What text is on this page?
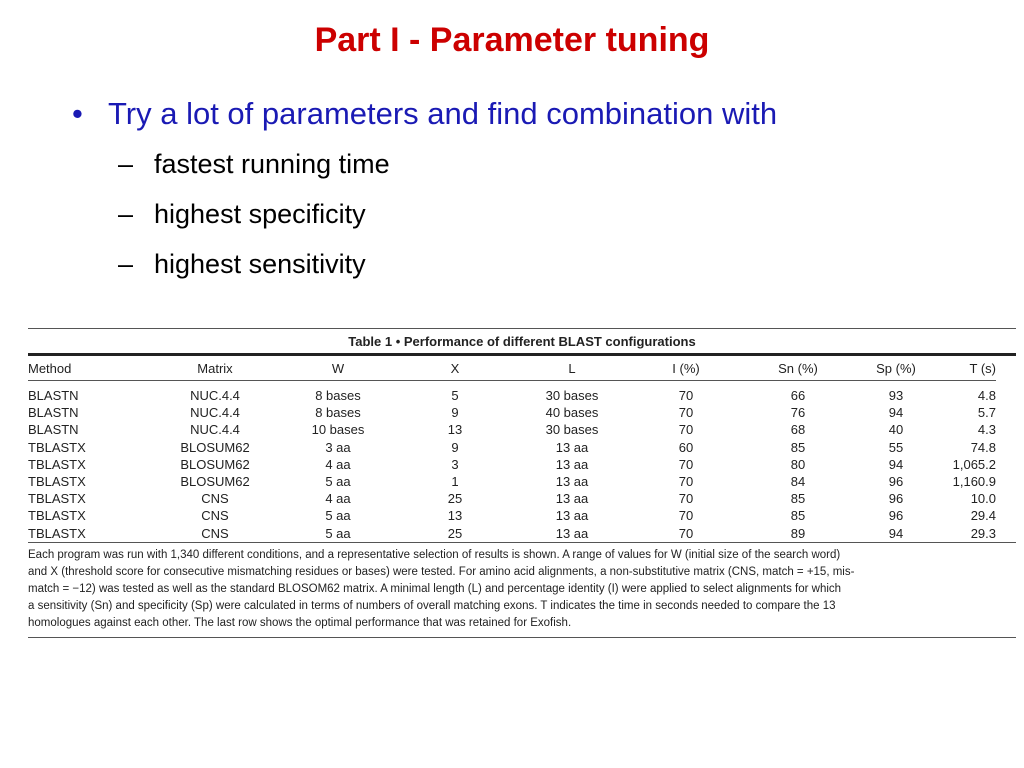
Part I - Parameter tuning
• Try a lot of parameters and find combination with
– fastest running time
– highest specificity
– highest sensitivity
Table 1 • Performance of different BLAST configurations
Method	Matrix	W	X	L	I (%)	Sn (%)	Sp (%)	T (s)
BLASTN	NUC.4.4	8 bases	5	30 bases	70	66	93	4.8
BLASTN	NUC.4.4	8 bases	9	40 bases	70	76	94	5.7
BLASTN	NUC.4.4	10 bases	13	30 bases	70	68	40	4.3
TBLASTX	BLOSUM62	3 aa	9	13 aa	60	85	55	74.8
TBLASTX	BLOSUM62	4 aa	3	13 aa	70	80	94	1,065.2
TBLASTX	BLOSUM62	5 aa	1	13 aa	70	84	96	1,160.9
TBLASTX	CNS	4 aa	25	13 aa	70	85	96	10.0
TBLASTX	CNS	5 aa	13	13 aa	70	85	96	29.4
TBLASTX	CNS	5 aa	25	13 aa	70	89	94	29.3
Each program was run with 1,340 different conditions, and a representative selection of results is shown. A range of values for W (initial size of the search word)
and X (threshold score for consecutive mismatching residues or bases) were tested. For amino acid alignments, a non-substitutive matrix (CNS, match = +15, mis-
match = −12) was tested as well as the standard BLOSOM62 matrix. A minimal length (L) and percentage identity (I) were applied to select alignments for which
a sensitivity (Sn) and specificity (Sp) were calculated in terms of numbers of overall matching exons. T indicates the time in seconds needed to compare the 13
homologues against each other. The last row shows the optimal performance that was retained for Exofish.
